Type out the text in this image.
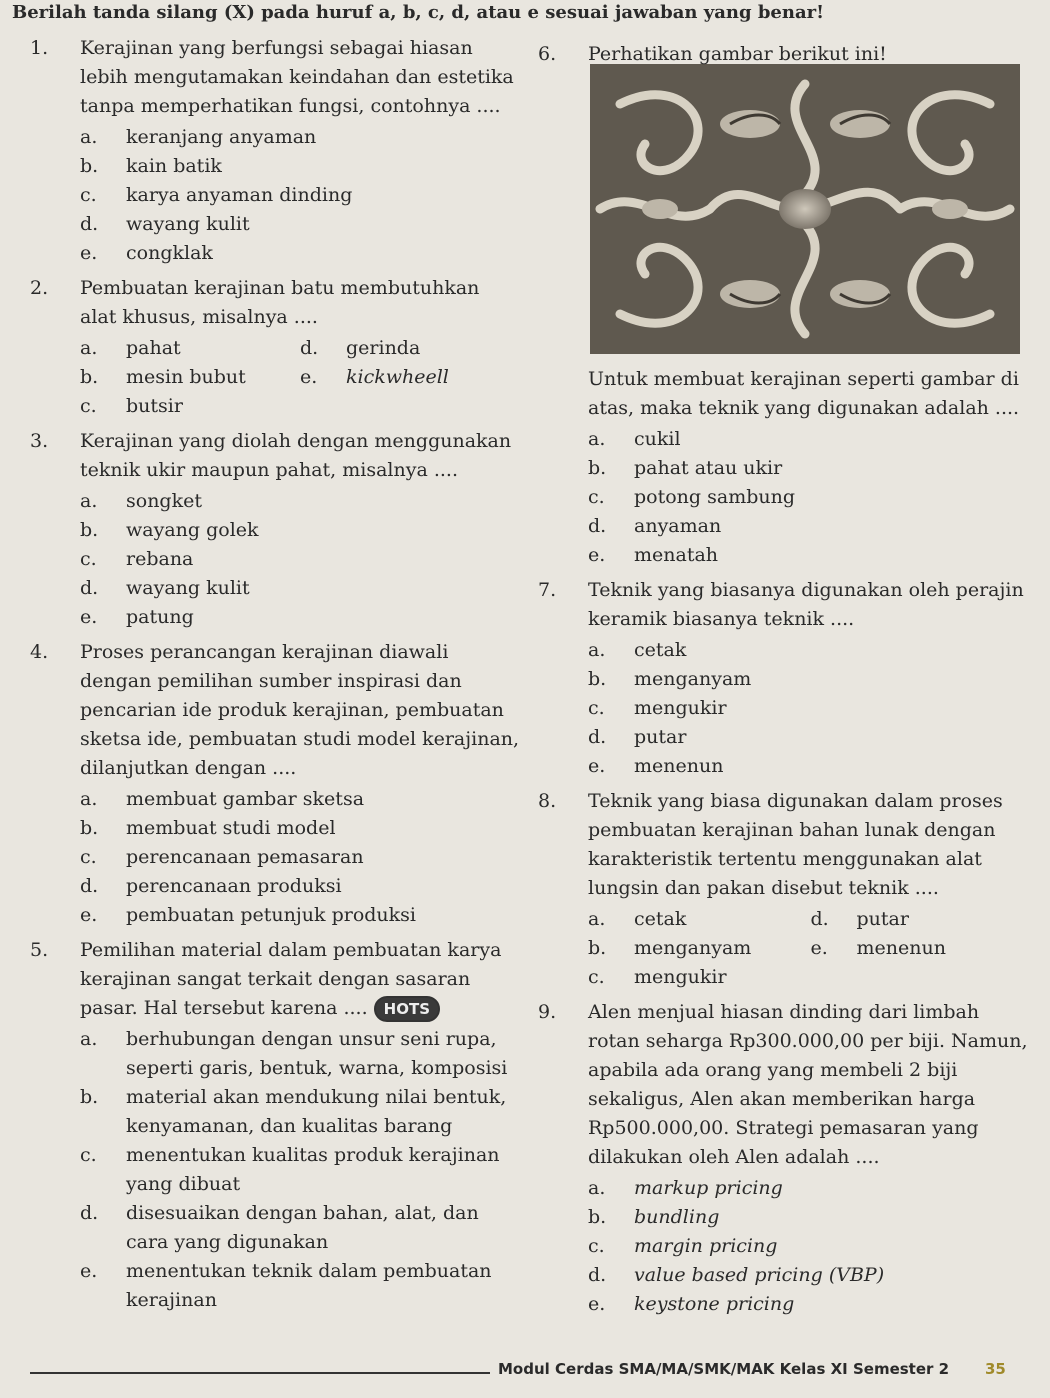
Berilah tanda silang (X) pada huruf a, b, c, d, atau e sesuai jawaban yang benar!
1.	Kerajinan yang berfungsi sebagai hiasan lebih mengutamakan keindahan dan estetika tanpa memperhatikan fungsi, contohnya ....
a. keranjang anyaman
b. kain batik
c. karya anyaman dinding
d. wayang kulit
e. congklak
2.	Pembuatan kerajinan batu membutuhkan alat khusus, misalnya ....
a. pahat	d. gerinda
b. mesin bubut	e. kickwheell
c. butsir
3.	Kerajinan yang diolah dengan menggunakan teknik ukir maupun pahat, misalnya ....
a. songket
b. wayang golek
c. rebana
d. wayang kulit
e. patung
4.	Proses perancangan kerajinan diawali dengan pemilihan sumber inspirasi dan pencarian ide produk kerajinan, pembuatan sketsa ide, pembuatan studi model kerajinan, dilanjutkan dengan ....
a. membuat gambar sketsa
b. membuat studi model
c. perencanaan pemasaran
d. perencanaan produksi
e. pembuatan petunjuk produksi
5.	Pemilihan material dalam pembuatan karya kerajinan sangat terkait dengan sasaran pasar. Hal tersebut karena .... HOTS
a. berhubungan dengan unsur seni rupa, seperti garis, bentuk, warna, komposisi
b. material akan mendukung nilai bentuk, kenyamanan, dan kualitas barang
c. menentukan kualitas produk kerajinan yang dibuat
d. disesuaikan dengan bahan, alat, dan cara yang digunakan
e. menentukan teknik dalam pembuatan kerajinan
6.	Perhatikan gambar berikut ini!
Untuk membuat kerajinan seperti gambar di atas, maka teknik yang digunakan adalah ....
a. cukil
b. pahat atau ukir
c. potong sambung
d. anyaman
e. menatah
7.	Teknik yang biasanya digunakan oleh perajin keramik biasanya teknik ....
a. cetak
b. menganyam
c. mengukir
d. putar
e. menenun
8.	Teknik yang biasa digunakan dalam proses pembuatan kerajinan bahan lunak dengan karakteristik tertentu menggunakan alat lungsin dan pakan disebut teknik ....
a. cetak	d. putar
b. menganyam	e. menenun
c. mengukir
9.	Alen menjual hiasan dinding dari limbah rotan seharga Rp300.000,00 per biji. Namun, apabila ada orang yang membeli 2 biji sekaligus, Alen akan memberikan harga Rp500.000,00. Strategi pemasaran yang dilakukan oleh Alen adalah ....
a. markup pricing
b. bundling
c. margin pricing
d. value based pricing (VBP)
e. keystone pricing
Modul Cerdas SMA/MA/SMK/MAK Kelas XI Semester 2 35
